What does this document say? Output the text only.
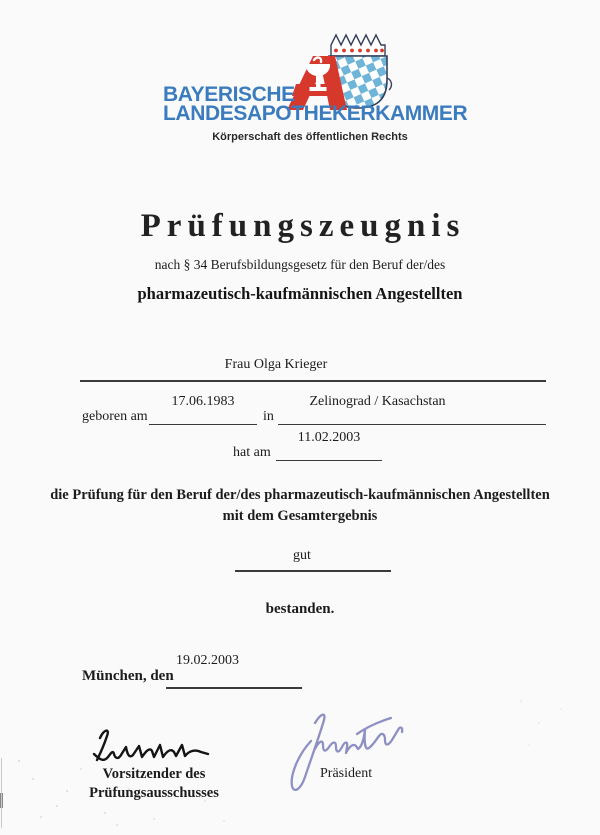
BAYERISCHE
LANDESAPOTHEKERKAMMER
Körperschaft des öffentlichen Rechts
Prüfungszeugnis
nach § 34 Berufsbildungsgesetz für den Beruf der/des
pharmazeutisch-kaufmännischen Angestellten
Frau Olga Krieger
geboren am
17.06.1983
in
Zelinograd / Kasachstan
hat am
11.02.2003
die Prüfung für den Beruf der/des pharmazeutisch-kaufmännischen Angestellten
mit dem Gesamtergebnis
gut
bestanden.
München, den
19.02.2003
Vorsitzender des
Prüfungsausschusses
Präsident
